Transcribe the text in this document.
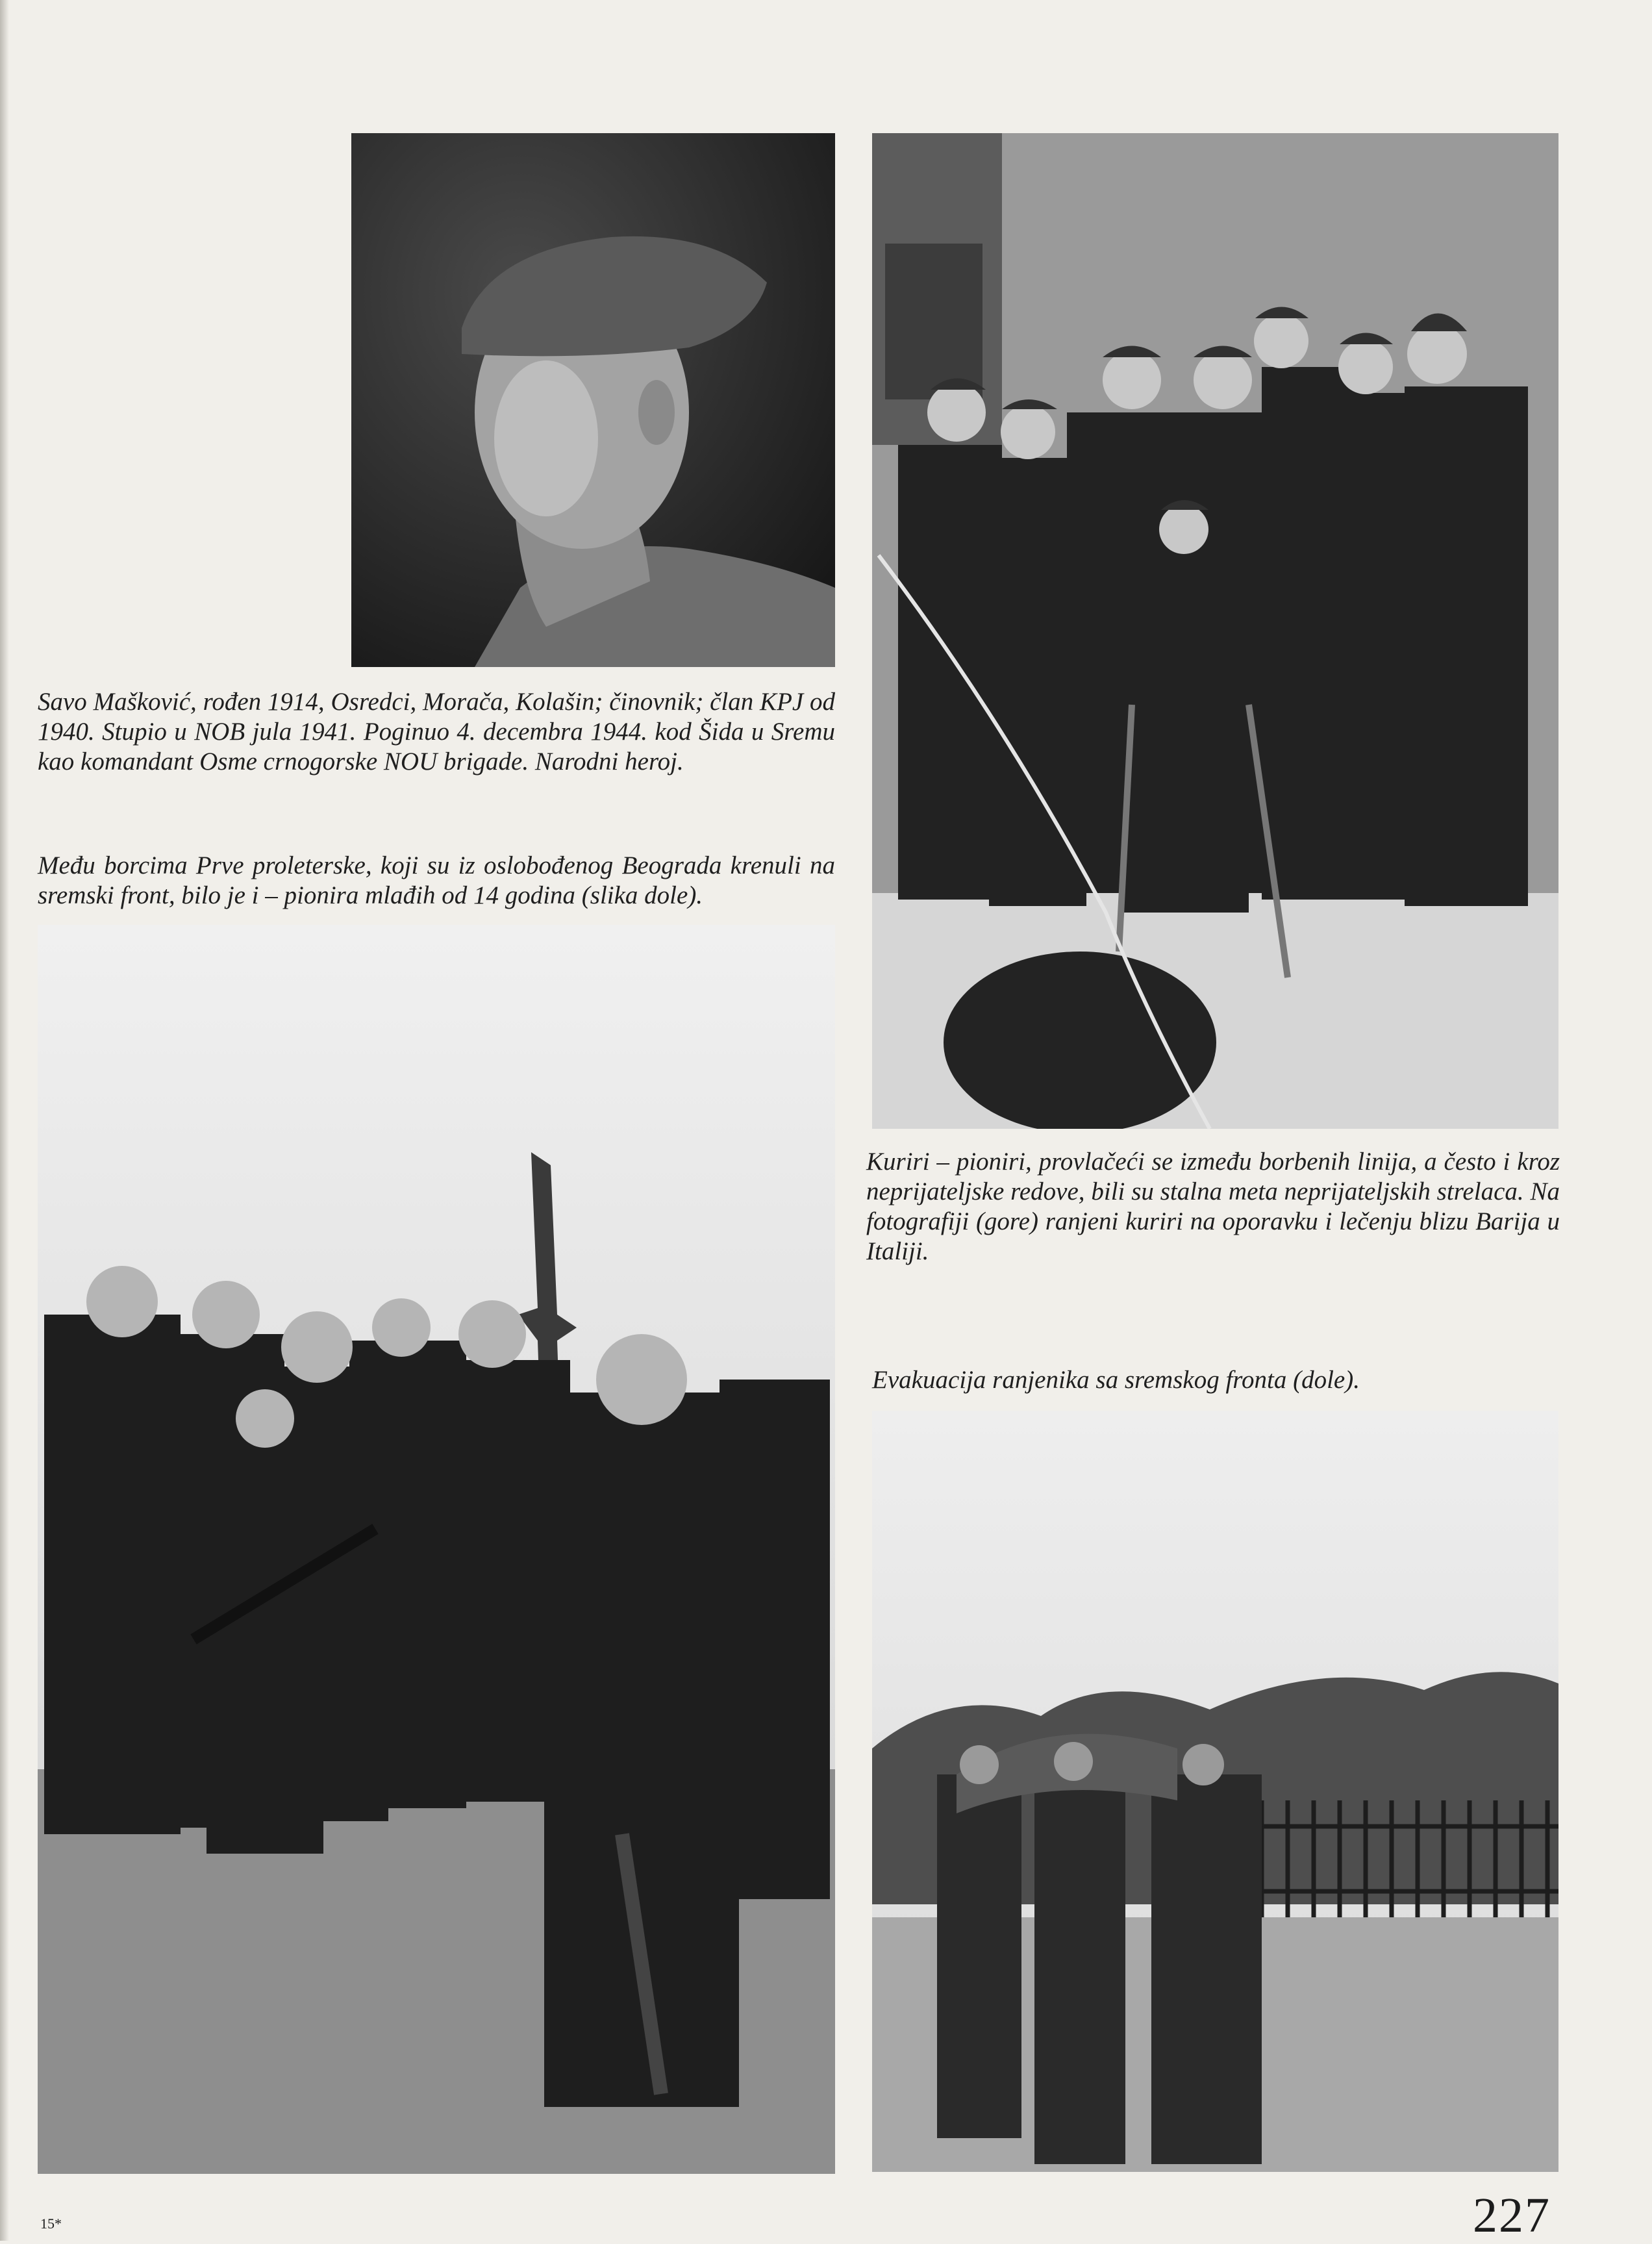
Savo Mašković, rođen 1914, Osredci, Morača, Kolašin; činovnik; član KPJ od 1940. Stupio u NOB jula 1941. Poginuo 4. decembra 1944. kod Šida u Sremu kao komandant Osme crnogorske NOU brigade. Narodni heroj.

Među borcima Prve proleterske, koji su iz oslobođenog Beograda krenuli na sremski front, bilo je i – pionira mlađih od 14 godina (slika dole).

Kuriri – pioniri, provlačeći se između borbenih linija, a često i kroz neprijateljske redove, bili su stalna meta neprijateljskih strelaca. Na fotografiji (gore) ranjeni kuriri na oporavku i lečenju blizu Barija u Italiji.

Evakuacija ranjenika sa sremskog fronta (dole).

15*	227
